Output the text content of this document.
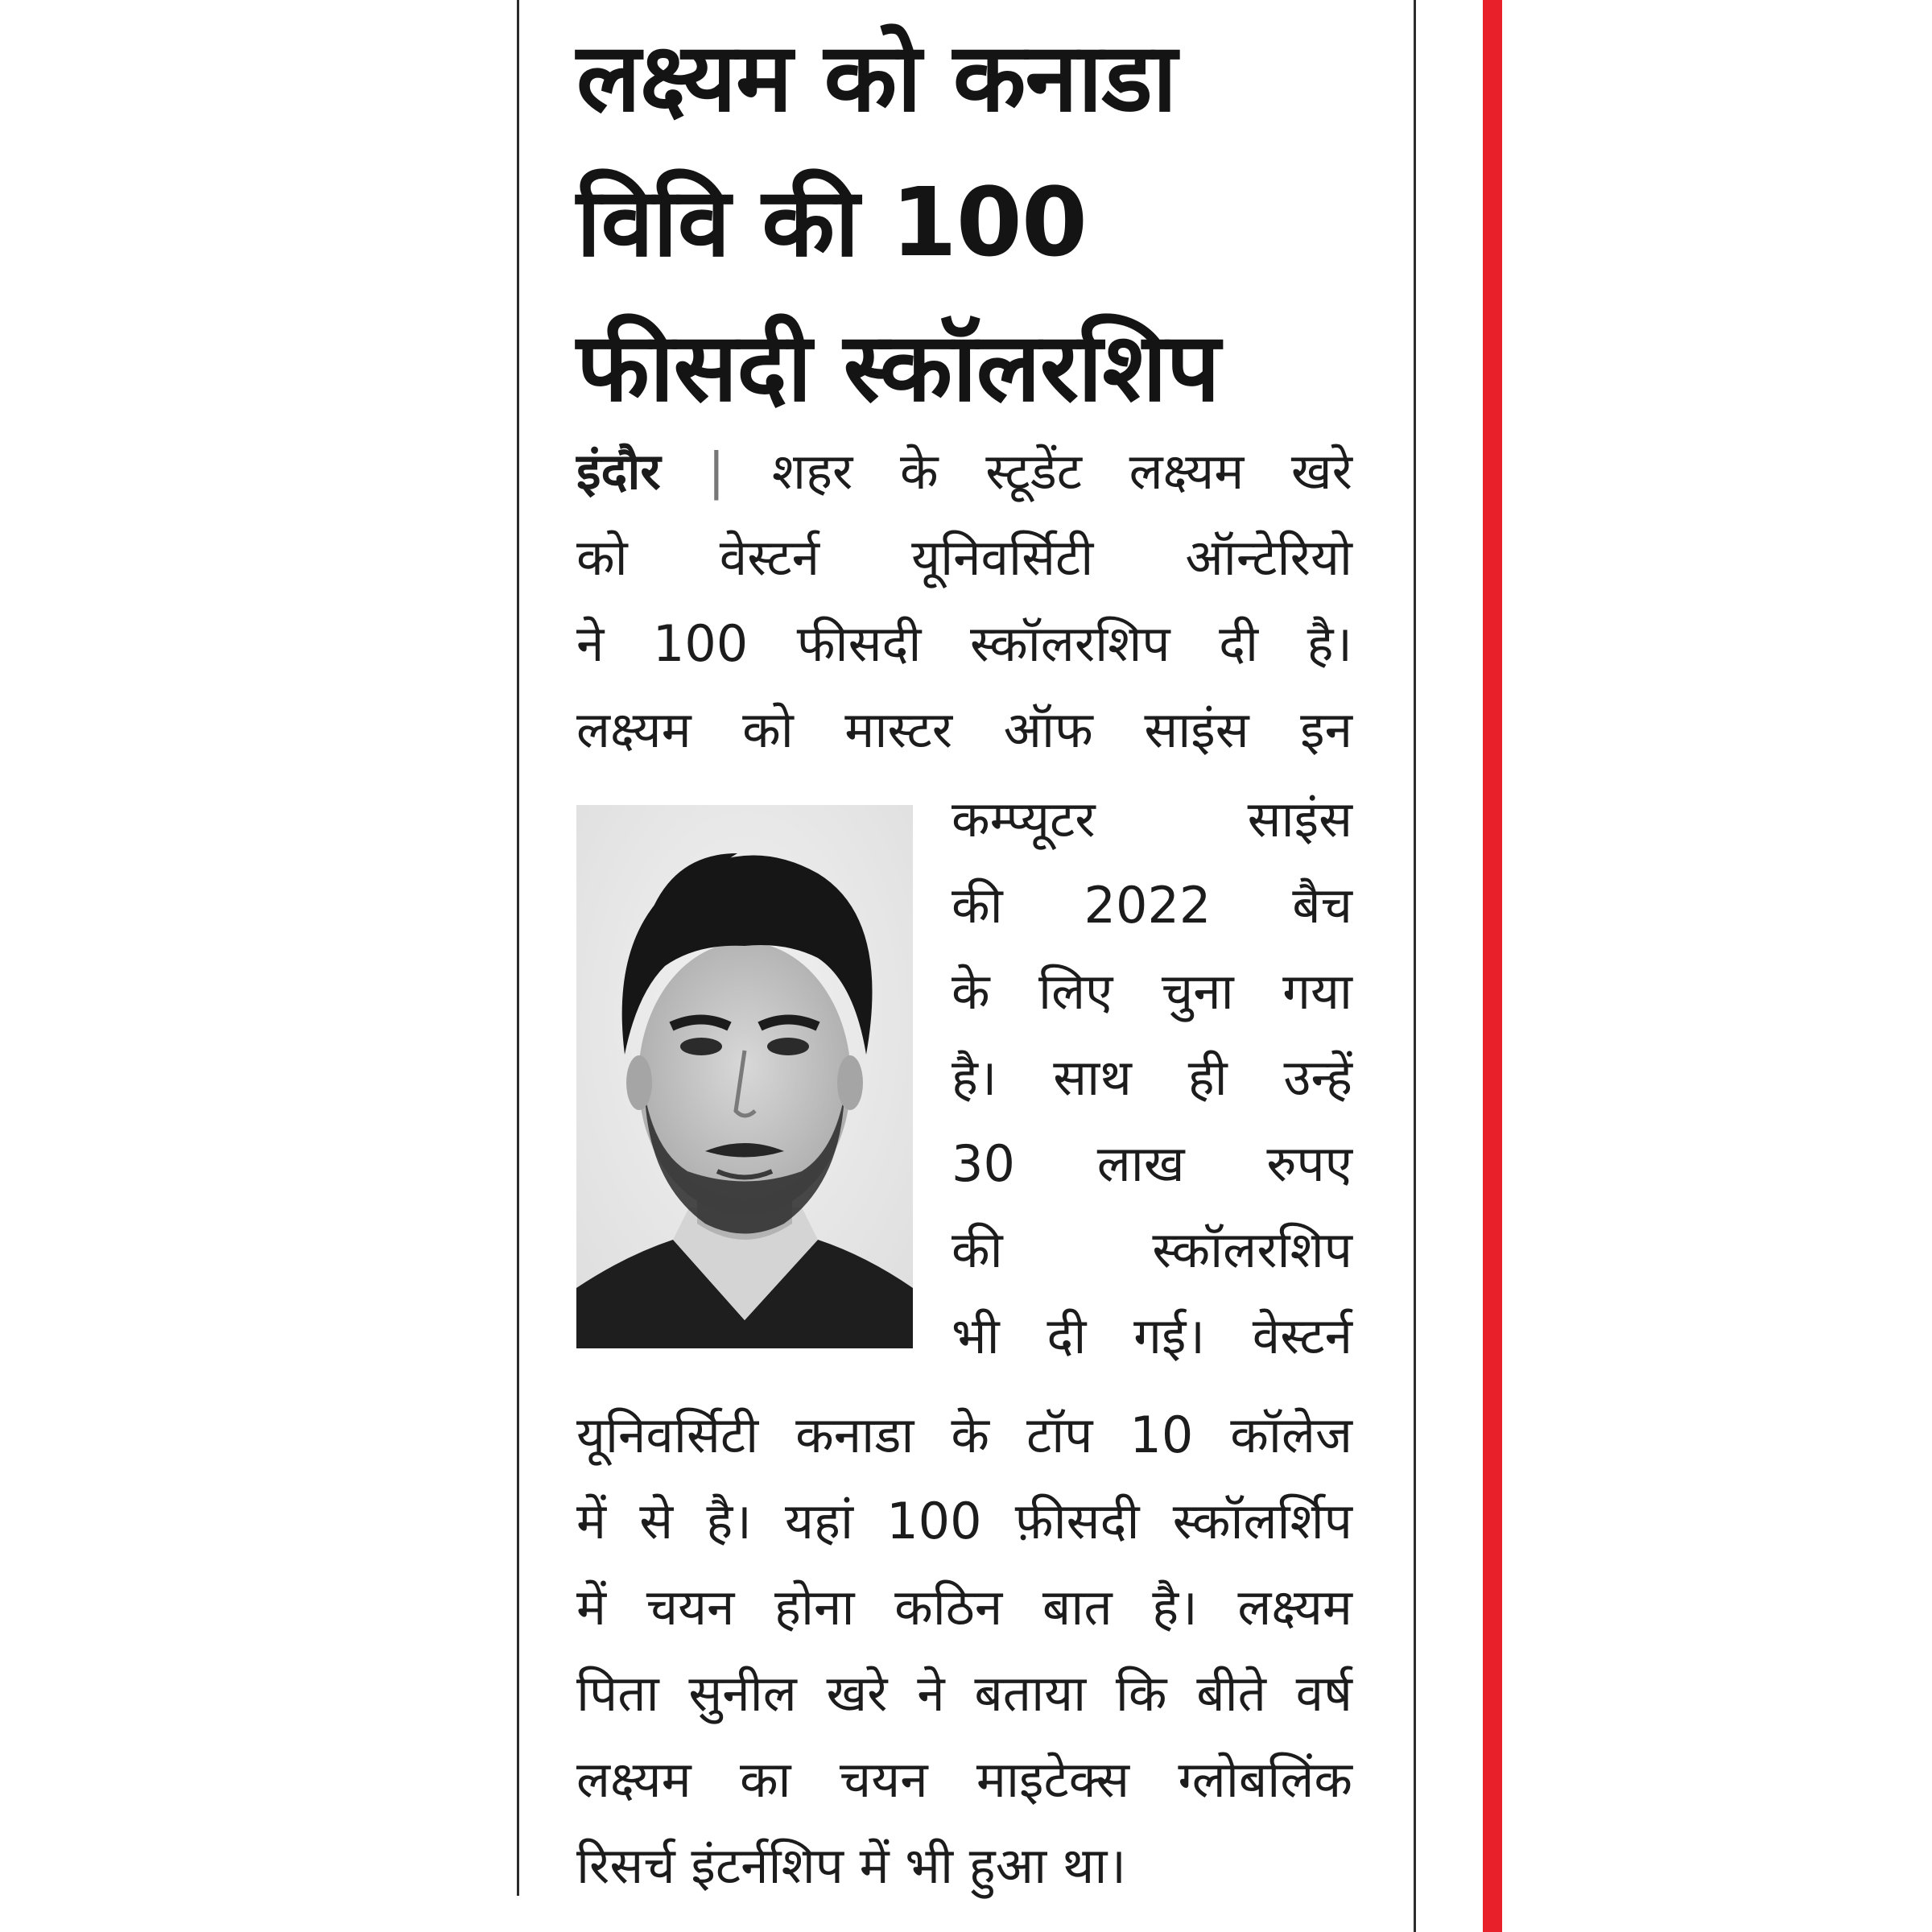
लक्ष्यम को कनाडा
विवि की 100
फीसदी स्कॉलरशिप
इंदौर | शहर के स्टूडेंट लक्ष्यम खरे
को वेस्टर्न यूनिवर्सिटी ऑन्टेरियो
ने 100 फीसदी स्कॉलरशिप दी है।
लक्ष्यम को मास्टर ऑफ साइंस इन
कम्प्यूटर साइंस
की 2022 बैच
के लिए चुना गया
है। साथ ही उन्हें
30 लाख रुपए
की स्कॉलरशिप
भी दी गई। वेस्टर्न
यूनिवर्सिटी कनाडा के टॉप 10 कॉलेज
में से है। यहां 100 फ़ीसदी स्कॉलर्शिप
में चयन होना कठिन बात है। लक्ष्यम
पिता सुनील खरे ने बताया कि बीते वर्ष
लक्ष्यम का चयन माइटेक्स ग्लोबलिंक
रिसर्च इंटर्नशिप में भी हुआ था।
